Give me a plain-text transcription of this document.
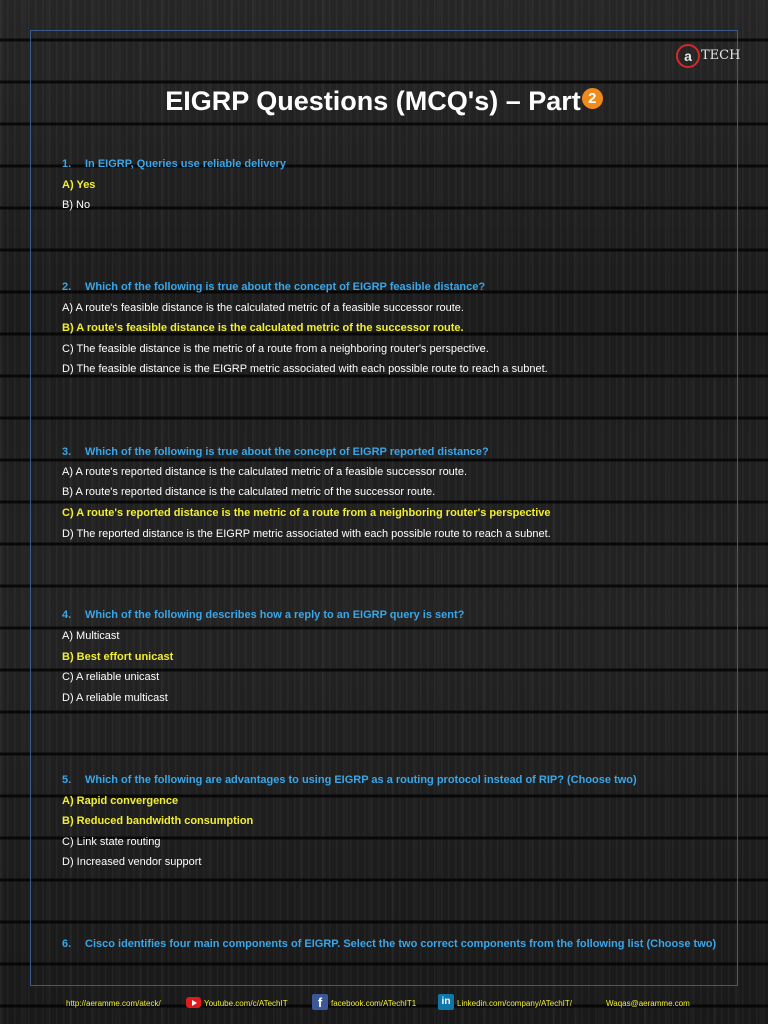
a TECH
EIGRP Questions (MCQ's) – Part 2
1. In EIGRP, Queries use reliable delivery
A) Yes
B) No
2. Which of the following is true about the concept of EIGRP feasible distance?
A) A route's feasible distance is the calculated metric of a feasible successor route.
B) A route's feasible distance is the calculated metric of the successor route.
C) The feasible distance is the metric of a route from a neighboring router's perspective.
D) The feasible distance is the EIGRP metric associated with each possible route to reach a subnet.
3. Which of the following is true about the concept of EIGRP reported distance?
A) A route's reported distance is the calculated metric of a feasible successor route.
B) A route's reported distance is the calculated metric of the successor route.
C) A route's reported distance is the metric of a route from a neighboring router's perspective
D) The reported distance is the EIGRP metric associated with each possible route to reach a subnet.
4. Which of the following describes how a reply to an EIGRP query is sent?
A) Multicast
B) Best effort unicast
C) A reliable unicast
D) A reliable multicast
5. Which of the following are advantages to using EIGRP as a routing protocol instead of RIP? (Choose two)
A) Rapid convergence
B) Reduced bandwidth consumption
C) Link state routing
D) Increased vendor support
6. Cisco identifies four main components of EIGRP. Select the two correct components from the following list (Choose two)
http://aeramme.com/ateck/	Youtube.com/c/ATechIT	f	facebook.com/ATechIT1	in Linkedin.com/company/ATechIT/	Waqas@aeramme.com
